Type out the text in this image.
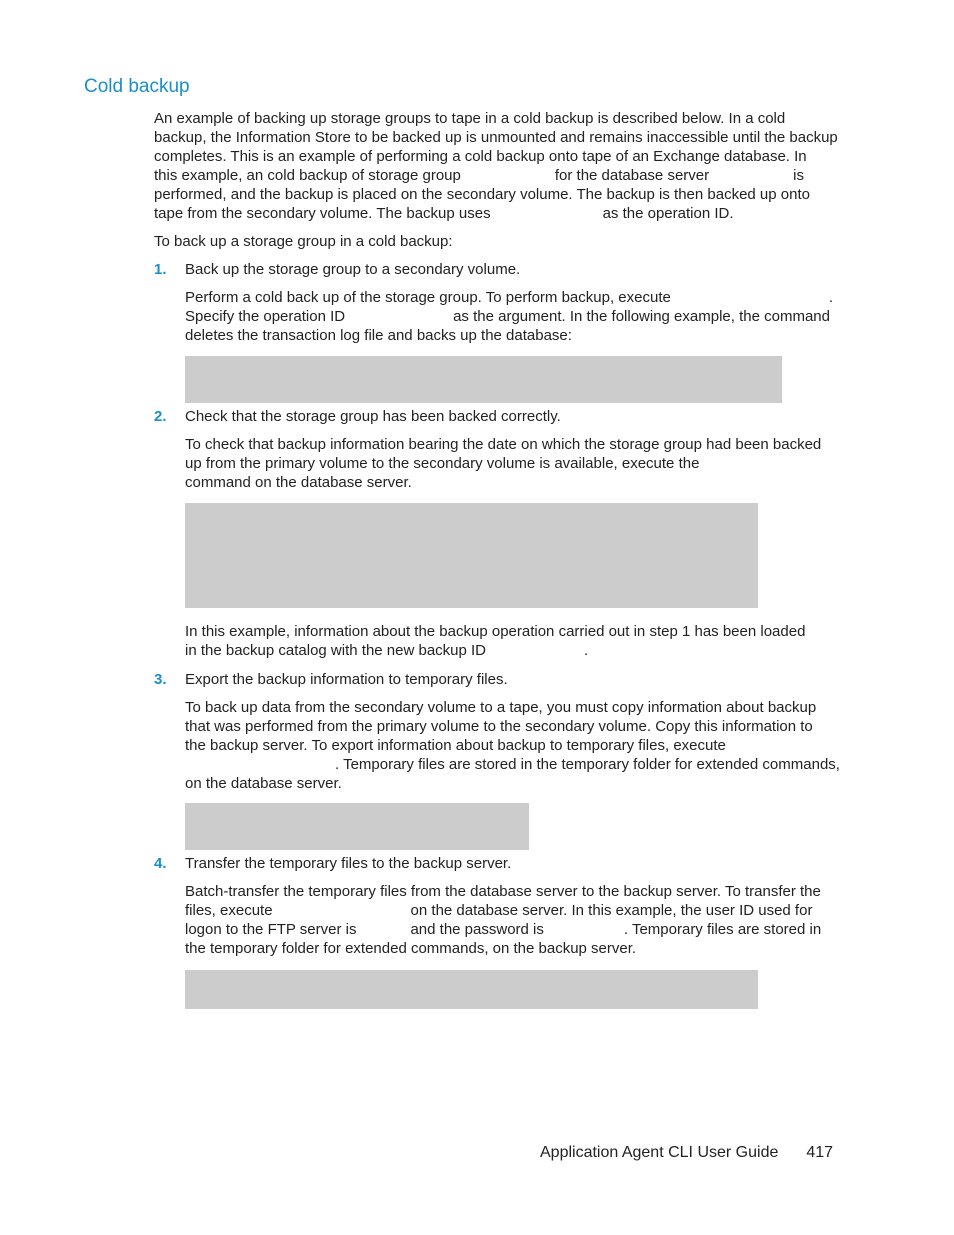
Cold backup
An example of backing up storage groups to tape in a cold backup is described below. In a cold
backup, the Information Store to be backed up is unmounted and remains inaccessible until the backup
completes. This is an example of performing a cold backup onto tape of an Exchange database. In
this example, an cold backup of storage group	for the database server	is
performed, and the backup is placed on the secondary volume. The backup is then backed up onto
tape from the secondary volume. The backup uses	as the operation ID.
To back up a storage group in a cold backup:
1. Back up the storage group to a secondary volume.
Perform a cold back up of the storage group. To perform backup, execute	.
Specify the operation ID	as the argument. In the following example, the command
deletes the transaction log file and backs up the database:
2. Check that the storage group has been backed correctly.
To check that backup information bearing the date on which the storage group had been backed
up from the primary volume to the secondary volume is available, execute the
command on the database server.
In this example, information about the backup operation carried out in step 1 has been loaded
in the backup catalog with the new backup ID	.
3. Export the backup information to temporary files.
To back up data from the secondary volume to a tape, you must copy information about backup
that was performed from the primary volume to the secondary volume. Copy this information to
the backup server. To export information about backup to temporary files, execute
. Temporary files are stored in the temporary folder for extended commands,
on the database server.
4. Transfer the temporary files to the backup server.
Batch-transfer the temporary files from the database server to the backup server. To transfer the
files, execute	on the database server. In this example, the user ID used for
logon to the FTP server is	and the password is	. Temporary files are stored in
the temporary folder for extended commands, on the backup server.
Application Agent CLI User Guide 417
